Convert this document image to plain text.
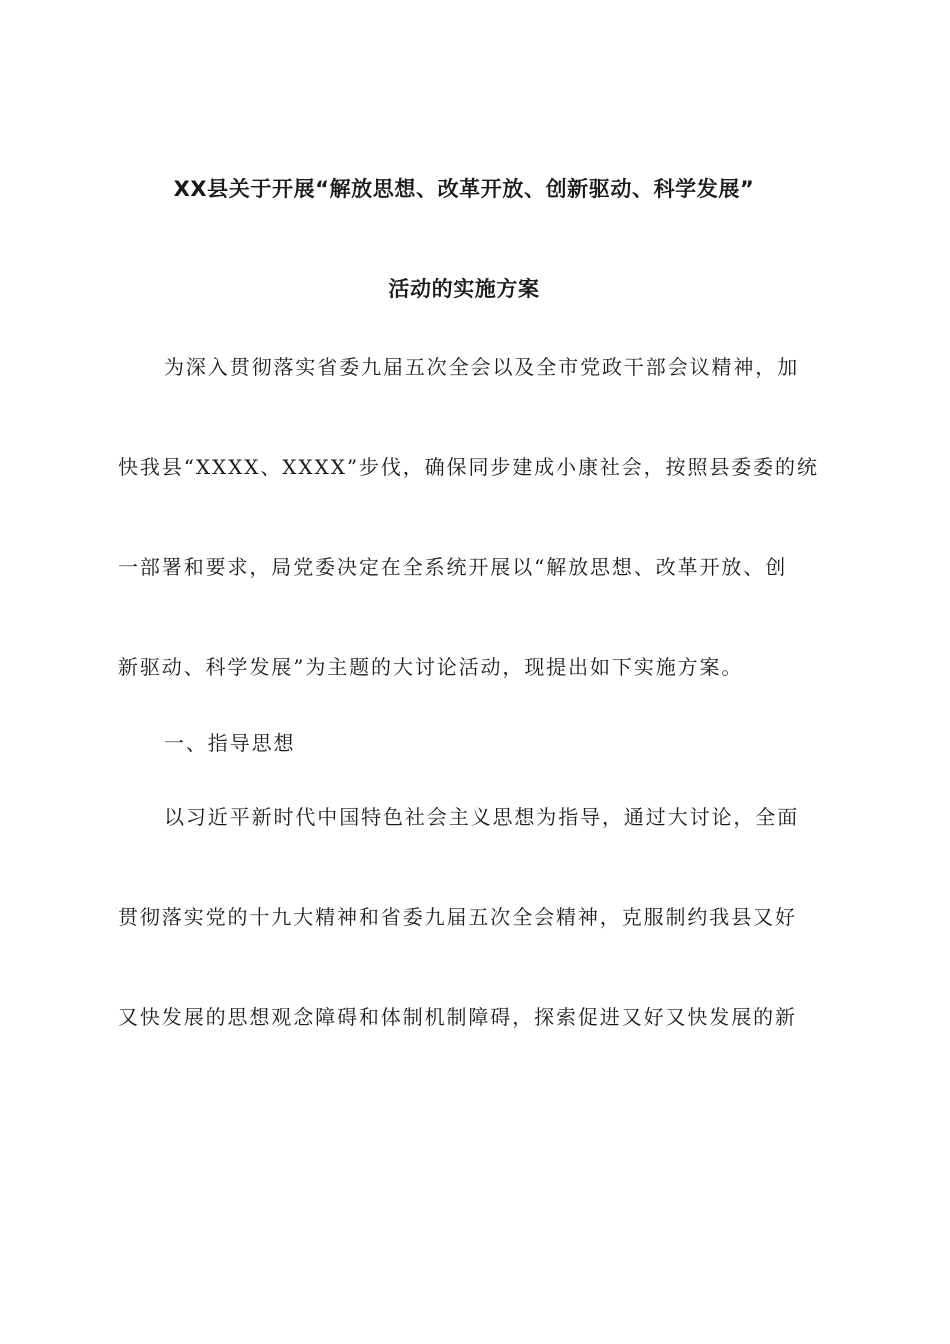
XX县关于开展“解放思想、改革开放、创新驱动、科学发展”
活动的实施方案

为深入贯彻落实省委九届五次全会以及全市党政干部会议精神，加

快我县“XXXX、XXXX”步伐，确保同步建成小康社会，按照县委委的统

一部署和要求，局党委决定在全系统开展以“解放思想、改革开放、创

新驱动、科学发展”为主题的大讨论活动，现提出如下实施方案。

一、指导思想

以习近平新时代中国特色社会主义思想为指导，通过大讨论，全面

贯彻落实党的十九大精神和省委九届五次全会精神，克服制约我县又好

又快发展的思想观念障碍和体制机制障碍，探索促进又好又快发展的新
